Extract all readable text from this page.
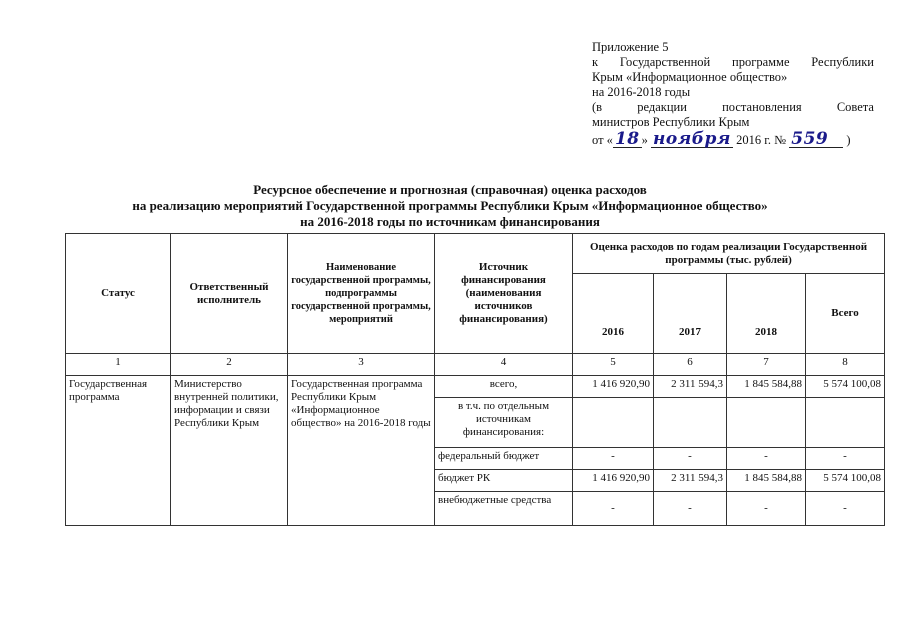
Приложение 5
к Государственной программе Республики
Крым «Информационное общество»
на 2016-2018 годы
(в	редакции	постановления	Совета
министров Республики Крым
от « 18 » ноября 2016 г. № 559 )
Ресурсное обеспечение и прогнозная (справочная) оценка расходов
на реализацию мероприятий Государственной программы Республики Крым «Информационное общество»
на 2016-2018 годы по источникам финансирования
Статус	Ответственный исполнитель	Наименование государственной программы, подпрограммы государственной программы, мероприятий	Источник финансирования (наименования источников финансирования)	Оценка расходов по годам реализации Государственной программы (тыс. рублей)			
				2016	2017	2018	Всего
1	2	3	4	5	6	7	8
Государственная программа	Министерство внутренней политики, информации и связи Республики Крым	Государственная программа Республики Крым «Информационное общество» на 2016-2018 годы	всего,	1 416 920,90	2 311 594,3	1 845 584,88	5 574 100,08
			в т.ч. по отдельным источникам финансирования:				
			федеральный бюджет	-	-	-	-
			бюджет РК	1 416 920,90	2 311 594,3	1 845 584,88	5 574 100,08
			внебюджетные средства	-	-	-	-
